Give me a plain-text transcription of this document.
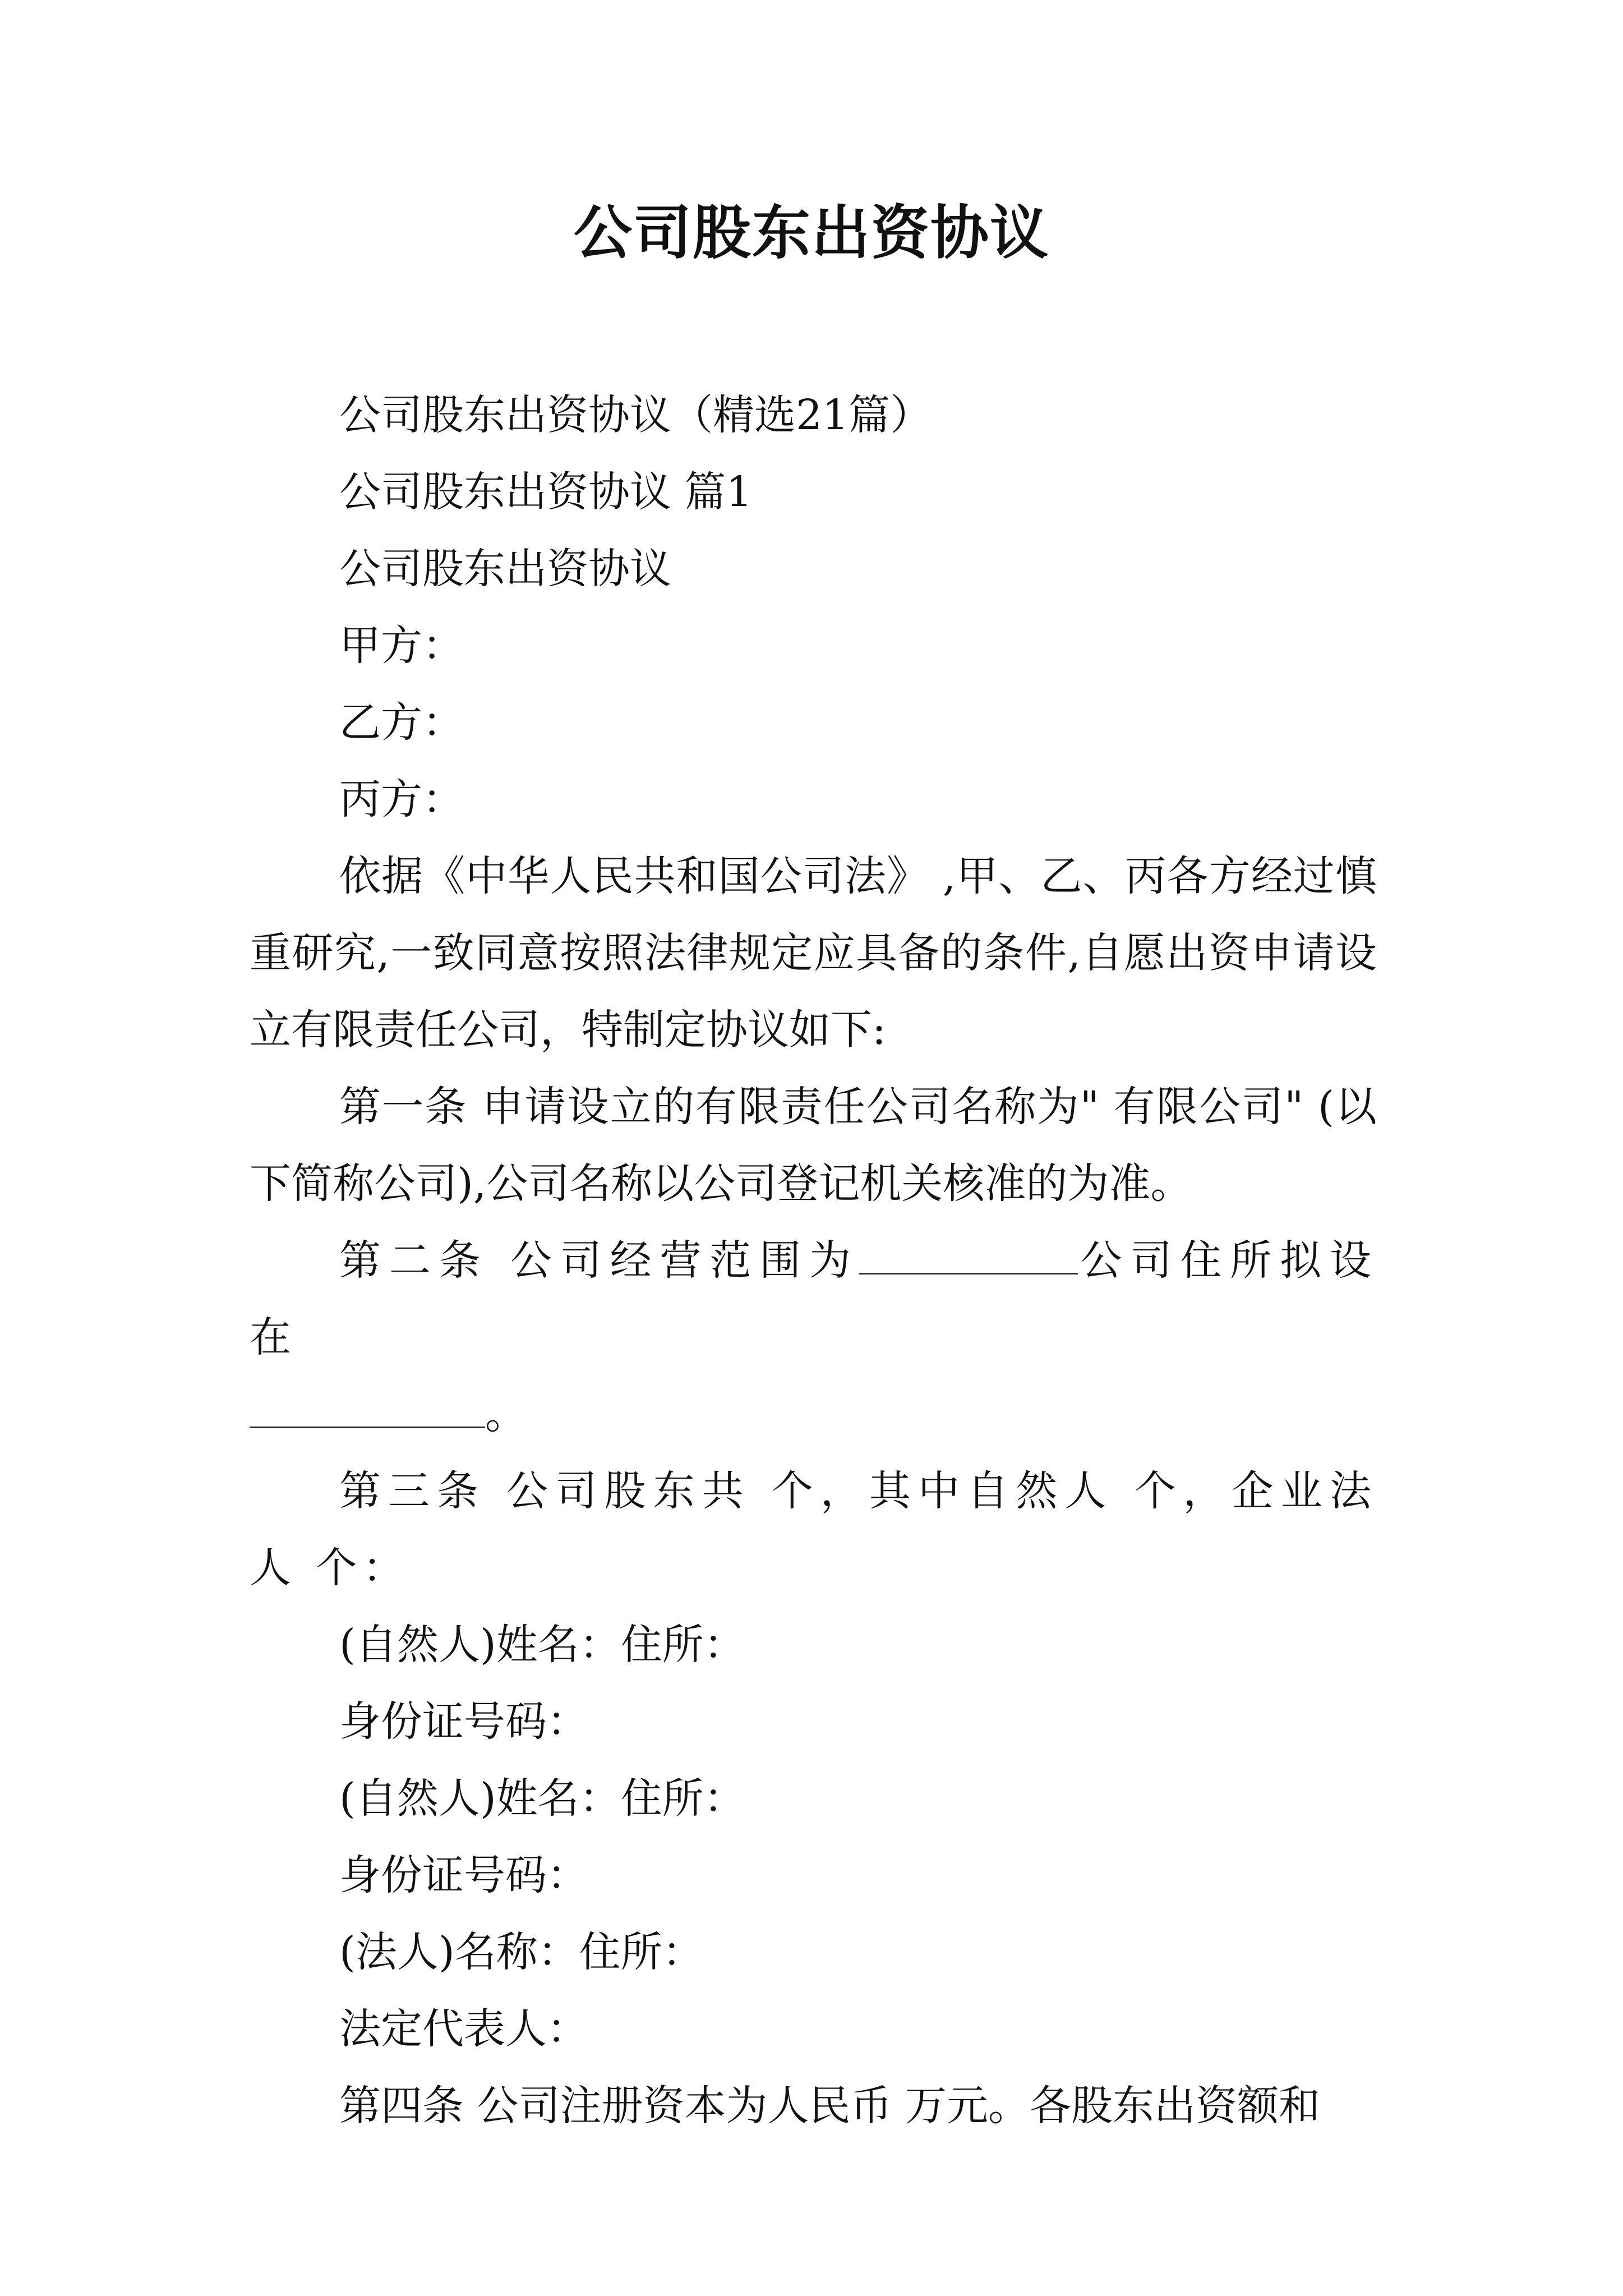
公司股东出资协议

公司股东出资协议（精选21篇）

公司股东出资协议 篇1

公司股东出资协议

甲方：

乙方：

丙方：

依据《中华人民共和国公司法》 ,甲、乙、丙各方经过慎重研究,一致同意按照法律规定应具备的条件,自愿出资申请设立有限责任公司，特制定协议如下:

第一条 申请设立的有限责任公司名称为" 有限公司" (以下简称公司),公司名称以公司登记机关核准的为准。

第二条 公司经营范围为	公司住所拟设在
。

第三条 公司股东共 个，其中自然人 个，企业法人 个：

(自然人)姓名：住所：

身份证号码：

(自然人)姓名：住所：

身份证号码：

(法人)名称：住所：

法定代表人：

第四条 公司注册资本为人民币 万元。各股东出资额和
